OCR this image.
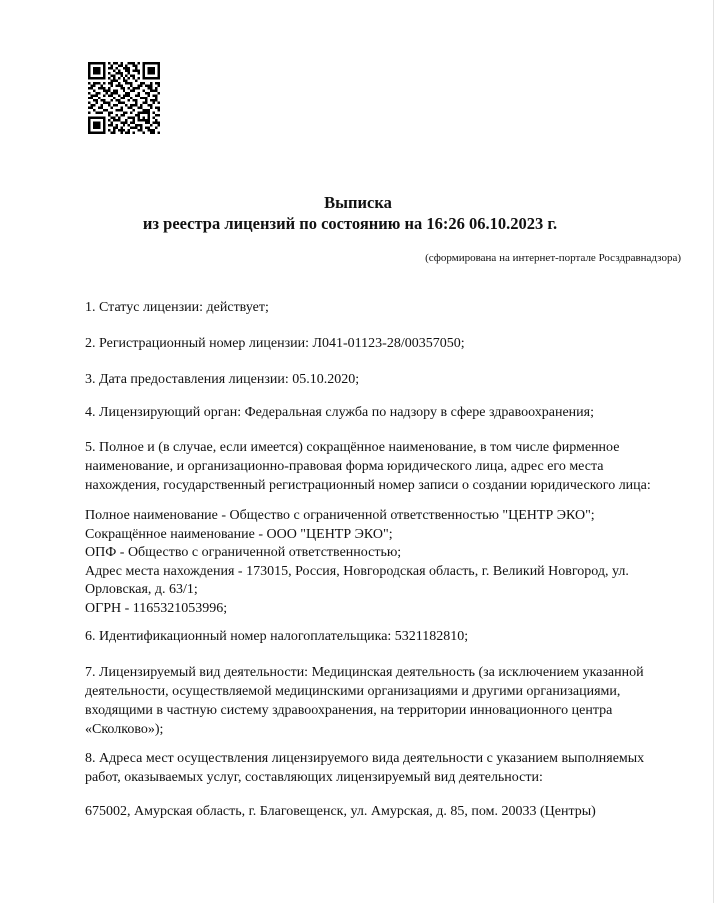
Выписка
из реестра лицензий по состоянию на 16:26 06.10.2023 г.
(сформирована на интернет-портале Росздравнадзора)
1. Статус лицензии: действует;
2. Регистрационный номер лицензии: Л041-01123-28/00357050;
3. Дата предоставления лицензии: 05.10.2020;
4. Лицензирующий орган: Федеральная служба по надзору в сфере здравоохранения;
5. Полное и (в случае, если имеется) сокращённое наименование, в том числе фирменное наименование, и организационно-правовая форма юридического лица, адрес его места нахождения, государственный регистрационный номер записи о создании юридического лица:
Полное наименование - Общество с ограниченной ответственностью "ЦЕНТР ЭКО";
Сокращённое наименование - ООО "ЦЕНТР ЭКО";
ОПФ - Общество с ограниченной ответственностью;
Адрес места нахождения - 173015, Россия, Новгородская область, г. Великий Новгород, ул. Орловская, д. 63/1;
ОГРН - 1165321053996;
6. Идентификационный номер налогоплательщика: 5321182810;
7. Лицензируемый вид деятельности: Медицинская деятельность (за исключением указанной деятельности, осуществляемой медицинскими организациями и другими организациями, входящими в частную систему здравоохранения, на территории инновационного центра «Сколково»);
8. Адреса мест осуществления лицензируемого вида деятельности с указанием выполняемых работ, оказываемых услуг, составляющих лицензируемый вид деятельности:
675002, Амурская область, г. Благовещенск, ул. Амурская, д. 85, пом. 20033 (Центры)
